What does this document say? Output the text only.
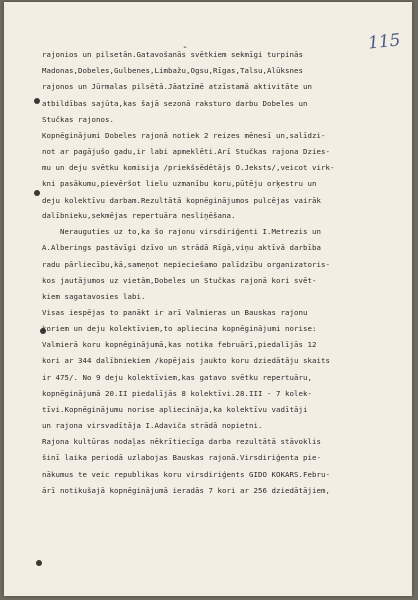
115
-
rajonios un pilsetān.Gatavošanās svētkiem sekmīgi turpinās
Madonas,Dobeles,Gulbenes,Limbažu,Ogsu,Rīgas,Talsu,Alūksnes
rajonos un Jūrmalas pilsētā.Jāatzīmē atzīstamā aktivitāte un
atbildības sajūta,kas šajā sezonā raksturo darbu Dobeles un
Stučkas rajonos.
Kopnēginājumi Dobeles rajonā notiek 2 reizes mēnesī un,salīdzi-
not ar pagājušo gadu,ir labi apmeklēti.Arī Stučkas rajona Dzies-
mu un deju svētku komisija /priekšsēdētājs O.Jeksts/,veicot virk-
kni pasākumu,pievēršot lielu uzmanību koru,pūtēju orķestru un
deju kolektīvu darbam.Rezultātā kopnēginājumos pulcējas vairāk
dalībnieku,sekmējas repertuāra nesliņēšana.
Nerauguties uz to,ka šo rajonu virsdiriģenti I.Metrezis un
A.Alberings pastāvīgi dzīvo un strādā Rīgā,viņu aktīvā darbība
radu pārliecību,kā,sameņot nepieciešamo palīdzību organizatoris-
kos jautājumos uz vietām,Dobeles un Stučkas rajonā kori svēt-
kiem sagatavosies labi.
Visas iespējas to panākt ir arī Valmieras un Bauskas rajonu
koriem un deju kolektīviem,to apliecina kopnēginājumi norise:
Valmierā koru kopnēginājumā,kas notika februārī,piedalījās 12
kori ar 344 dalībniekiem /kopējais jaukto koru dziedātāju skaits
ir 475/. No 9 deju kolektīviem,kas gatavo svētku repertuāru,
kopnēginājumā 20.II piedalījās 8 kolektīvi.28.III - 7 kolek-
tīvi.Kopnēginājumu norise apliecināja,ka kolektīvu vadītāji
un rajona virsvadītāja I.Adaviča strādā nopietni.
Rajona kultūras nodaļas nēkrītiecīga darba rezultātā stāvoklis
šinī laika periodā uzlabojas Bauskas rajonā.Virsdiriģenta pie-
nākumus te veic republikas koru virsdiriģents GIDO KOKARS.Febru-
ārī notikušajā kopnēginājumā ieradās 7 kori ar 256 dziedātājiem,
